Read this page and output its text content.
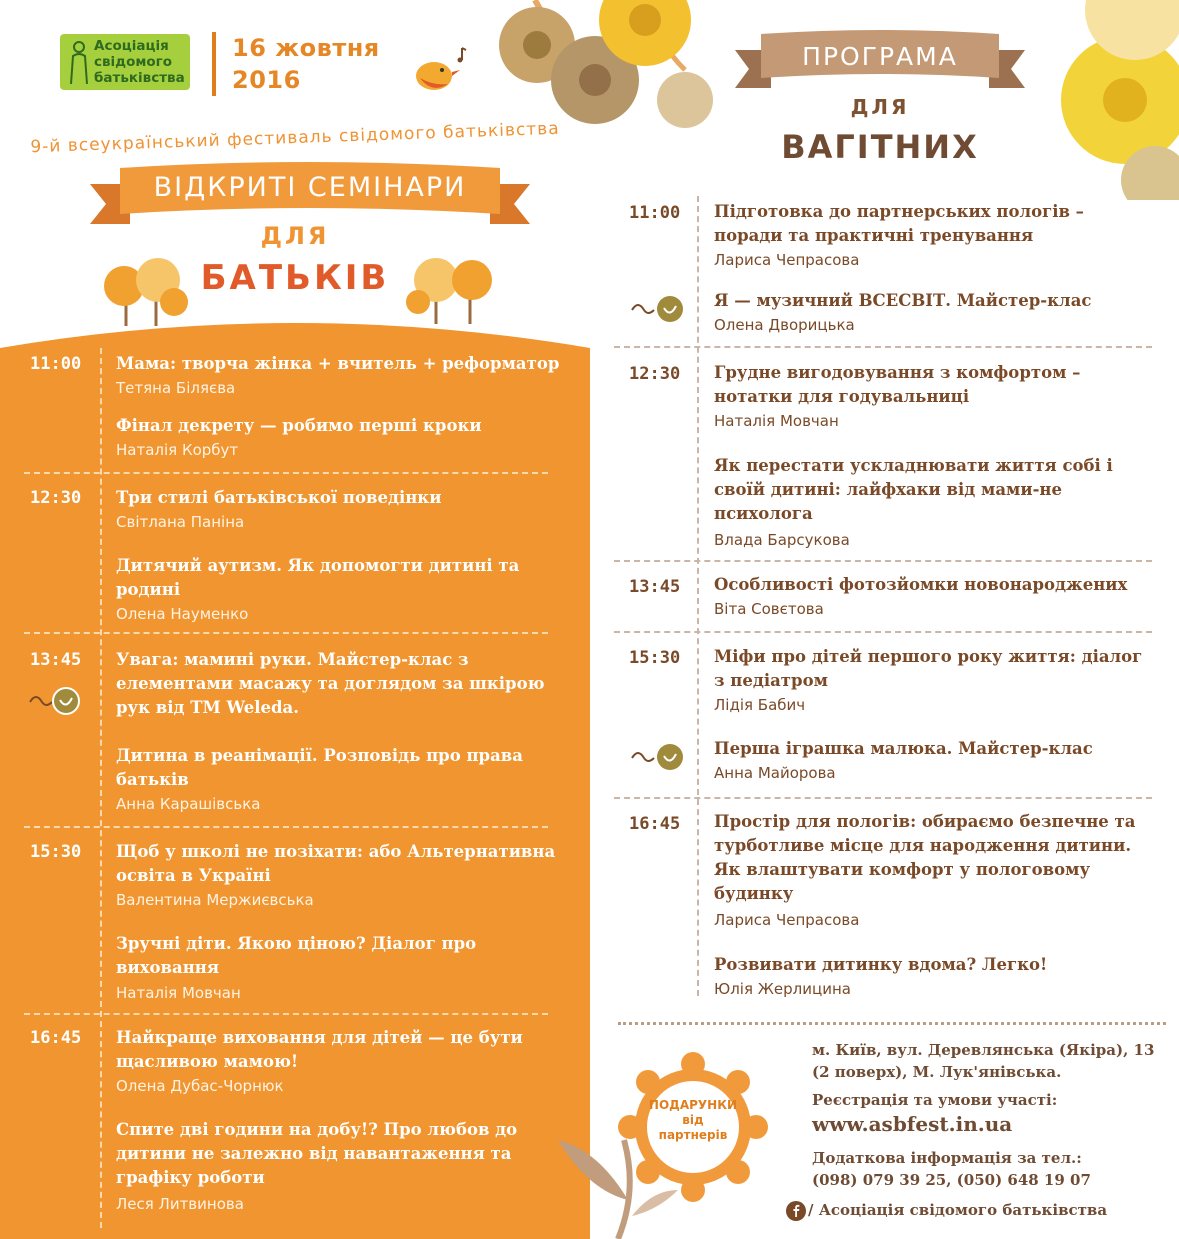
Асоціація свідомого батьківства
16 жовтня
2016
9-й всеукраїнський фестиваль свідомого батьківства
ВІДКРИТІ СЕМІНАРИ
ДЛЯ
БАТЬКІВ
ПРОГРАМА
ДЛЯ
ВАГІТНИХ
11:00
12:30
13:45
15:30
16:45
Мама: творча жінка + вчитель + реформатор
Тетяна Біляєва
Фінал декрету — робимо перші кроки
Наталія Корбут
Три стилі батьківської поведінки
Світлана Паніна
Дитячий аутизм. Як допомогти дитині та родині
Олена Науменко
Увага: мамині руки. Майстер-клас з елементами масажу та доглядом за шкірою рук від ТМ Weleda.
Дитина в реанімації. Розповідь про права батьків
Анна Карашівська
Щоб у школі не позіхати: або Альтернативна освіта в Україні
Валентина Мержиєвська
Зручні діти. Якою ціною? Діалог про виховання
Наталія Мовчан
Найкраще виховання для дітей — це бути щасливою мамою!
Олена Дубас-Чорнюк
Спите дві години на добу!? Про любов до дитини не залежно від навантаження та графіку роботи
Леся Литвинова
11:00
12:30
13:45
15:30
16:45
Підготовка до партнерських пологів – поради та практичні тренування
Лариса Чепрасова
Я — музичний ВСЕСВІТ. Майстер-клас
Олена Дворицька
Грудне вигодовування з комфортом – нотатки для годувальниці
Наталія Мовчан
Як перестати ускладнювати життя собі і своїй дитині: лайфхаки від мами-не психолога
Влада Барсукова
Особливості фотозйомки новонароджених
Віта Совєтова
Міфи про дітей першого року життя: діалог з педіатром
Лідія Бабич
Перша іграшка малюка. Майстер-клас
Анна Майорова
Простір для пологів: обираємо безпечне та турботливе місце для народження дитини. Як влаштувати комфорт у пологовому будинку
Лариса Чепрасова
Розвивати дитинку вдома? Легко!
Юлія Жерлицина
ПОДАРУНКИ
від
партнерів
м. Київ, вул. Деревлянська (Якіра), 13
(2 поверх), М. Лук'янівська.
Реєстрація та умови участі:
www.asbfest.in.ua
Додаткова інформація за тел.:
(098) 079 39 25, (050) 648 19 07
/ Асоціація свідомого батьківства
